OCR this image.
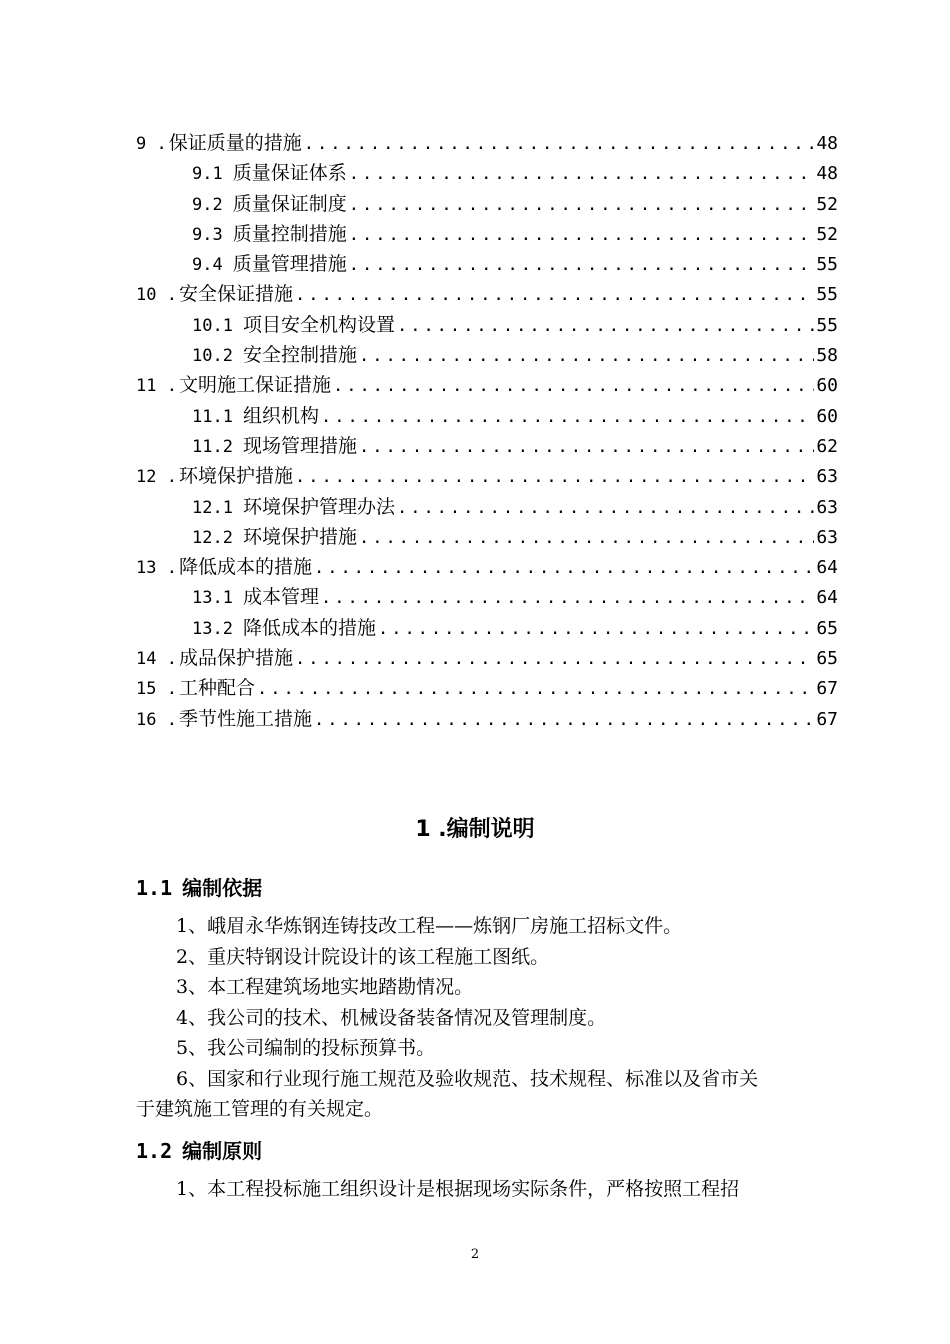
9 . 保证质量的措施 .....	48
9.1 质量保证体系 .....	48
9.2 质量保证制度 .....	52
9.3 质量控制措施 .....	52
9.4 质量管理措施 .....	55
10 . 安全保证措施 .....	55
10.1 项目安全机构设置 .....	55
10.2 安全控制措施 .....	58
11 . 文明施工保证措施 .....	60
11.1 组织机构 .....	60
11.2 现场管理措施 .....	62
12 . 环境保护措施 .....	63
12.1 环境保护管理办法 .....	63
12.2 环境保护措施 .....	63
13 . 降低成本的措施 .....	64
13.1 成本管理 .....	64
13.2 降低成本的措施 .....	65
14 . 成品保护措施 .....	65
15 . 工种配合 .....	67
16 . 季节性施工措施 .....	67
1 .编制说明
1.1 编制依据
1、峨眉永华炼钢连铸技改工程——炼钢厂房施工招标文件。
2、重庆特钢设计院设计的该工程施工图纸。
3、本工程建筑场地实地踏勘情况。
4、我公司的技术、机械设备装备情况及管理制度。
5、我公司编制的投标预算书。
6、国家和行业现行施工规范及验收规范、技术规程、标准以及省市关
于建筑施工管理的有关规定。
1.2 编制原则
1、本工程投标施工组织设计是根据现场实际条件，严格按照工程招
2
